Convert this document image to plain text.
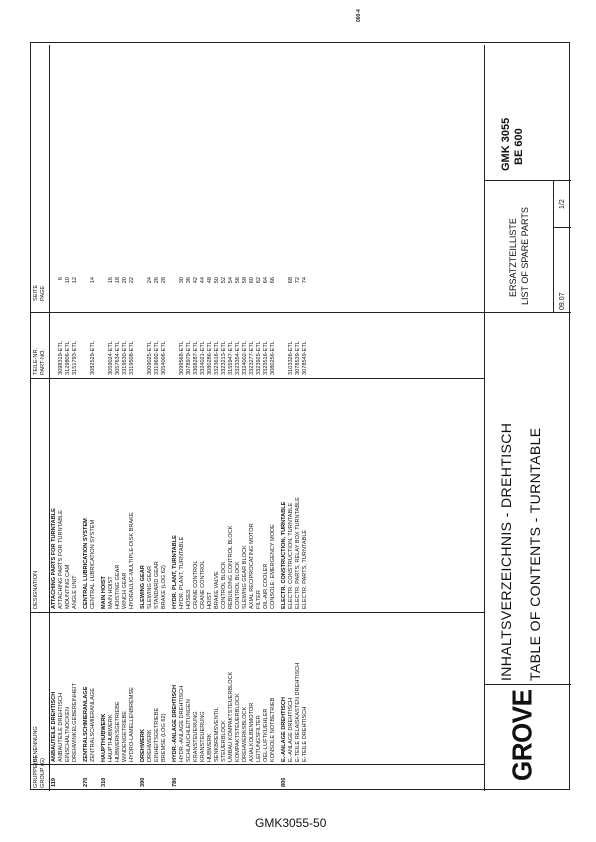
000-4
GRUPPE(G) GROUP (G)
BENENNUNG
DESIGNATION
TEILE-NR. PART-NO.
SEITE PAGE
119
ANBAUTEILE DREHTISCH
ATTACHING PARTS FOR TURNTABLE
ANBAUTEILE DREHTISCH
ATTACHING PARTS FOR TURNTABLE
3098319-ETL
6
EINSCHALTNOCKEN
MOUNTING CAM
3129806-ETL
10
DREHWINKELGEBEREINHEIT
ANGLE UNIT
3151793-ETL
12
270
ZENTRALSCHMIERANLAGE
CENTRAL LUBRICATION SYSTEM
ZENTRALSCHMIERANLAGE
CENTRAL LUBRICATION SYSTEM
3082529-ETL
14
310
HAUPTHUBWERK
MAIN HOIST
HAUPTHUBWERK
MAIN HOIST
3059024-ETL
16
HUBWERKSGETRIEBE
HOISTING GEAR
3057634-ETL
18
WINDENGETRIEBE
WINCH GEAR
3319530-ETL
20
HYDRO-LAMELLENBREMSE
HYDRAULIC-MULTIPLE-DISK BRAKE
3319508-ETL
22
390
DREHWERK
SLEWING GEAR
DREHWERK
SLEWING GEAR
3009025-ETL
24
EINHEITSGETRIEBE
STANDARD GEAR
3319692-ETL
26
BREMSE (LOG 62)
BRAKE (LOG 62)
3054006-ETL
28
786
HYDR.-ANLAGE DREHTISCH
HYDR. PLANT, TURNTABLE
HYDR.-ANLAGE DREHTISCH
HYDR. PLANT, TURNTABLE
3099568-ETL
30
SCHLAUCHLEITUNGEN
HOSES
3078979-ETL
36
KRANSTEUERUNG
CRANE CONTROL
3368287-ETL
42
KRANSTEUERUNG
CRANE CONTROL
3324021-ETL
44
HUBWERK
HOIST
3080286-ETL
48
SENKBREMSVENTIL
BRAKE VALVE
3323616-ETL
50
STEUERBLOCK
CONTROL BLOCK
3323213-ETL
52
UMBAU KOMPAKTSTEUERBLOCK
REBUILDING CONTROL BLOCK
3155947-ETL
54
KOMPAKTSTEUERBLOCK
CONTROL BLOCK
3323354-ETL
56
DREHWERKSBLOCK
SLEWING GEAR BLOCK
3324002-ETL
58
AXIALKOLBENMOTOR
AXIAL RECIPROCATING MOTOR
3323277-ETL
60
LEITUNGSFILTER
FILTER
3323925-ETL
62
OEL-LUFTKUEHLER
OIL-AIR COOLER
3323516-ETL
64
KONSOLE NOTBETRIEB
CONSOLE: EMERGENCY MODE
3080256-ETL
66
806
E.-ANLAGE DREHTISCH
ELECTR. CONSTRUCTION, TURNTABLE
E.-ANLAGE DREHTISCH
ELECTR. CONSTRUCTION, TURNTABLE
3103326-ETL
68
E-TEILE RELAISKASTEN DREHTISCH
ELECTR. PARTS, RELAY BOX TURNTABLE
3078539-ETL
72
E-TEILE DREHTISCH
ELECTR. PARTS, TURNTABLE
3078549-ETL
74
GROVE
INHALTSVERZEICHNIS - DREHTISCH TABLE OF CONTENTS - TURNTABLE
ERSATZTEILLISTE LIST OF SPARE PARTS	09.07
1/2
GMK 3055 BE 600
GMK3055-50
